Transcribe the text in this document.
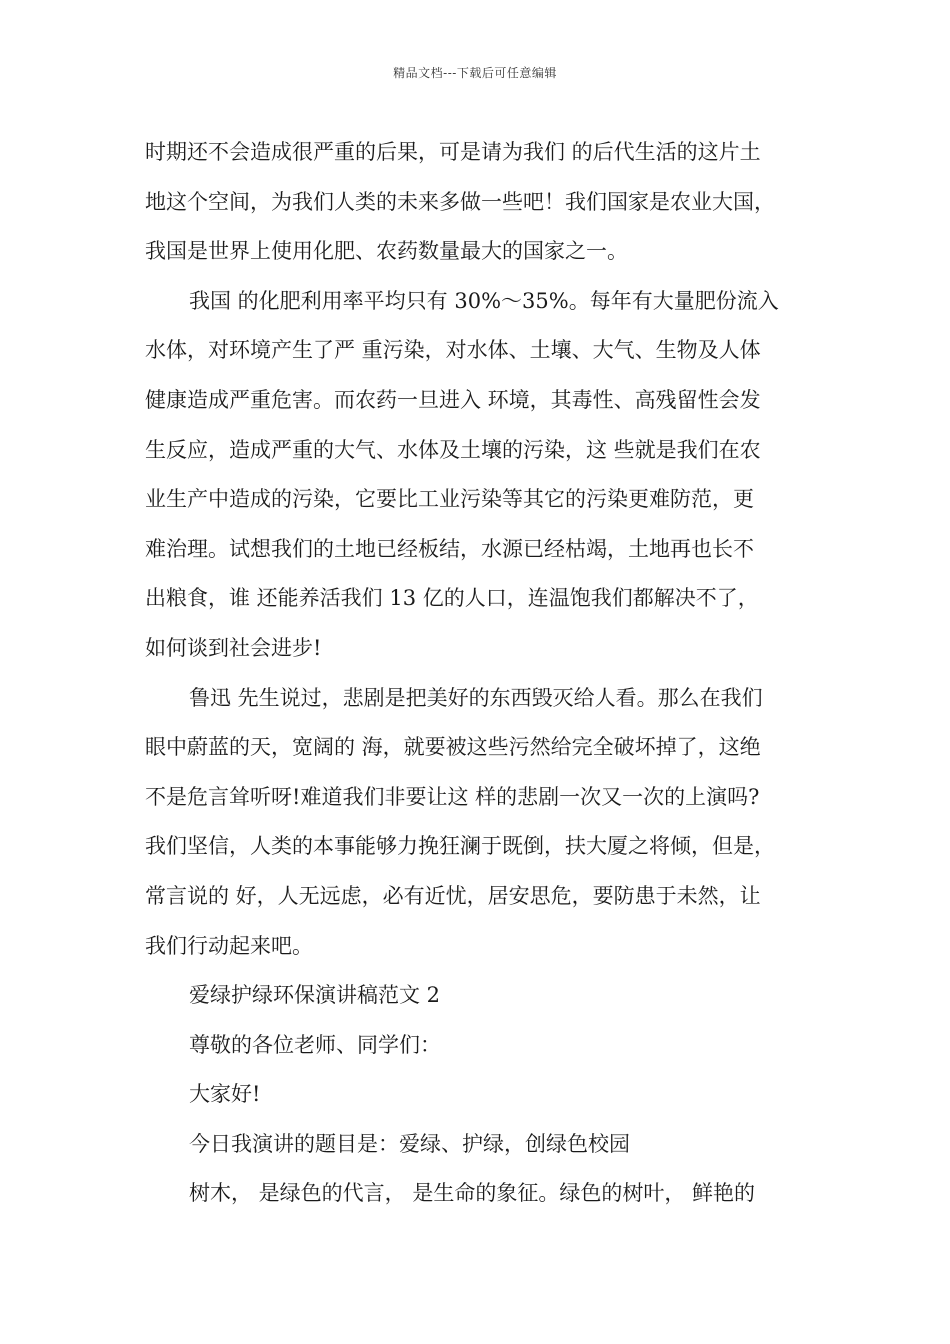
精品文档---下载后可任意编辑
时期还不会造成很严重的后果，可是请为我们 的后代生活的这片土
地这个空间，为我们人类的未来多做一些吧！我们国家是农业大国，
我国是世界上使用化肥、农药数量最大的国家之一。
我国 的化肥利用率平均只有 30%～35%。每年有大量肥份流入
水体，对环境产生了严 重污染，对水体、土壤、大气、生物及人体
健康造成严重危害。而农药一旦进入 环境，其毒性、高残留性会发
生反应，造成严重的大气、水体及土壤的污染，这 些就是我们在农
业生产中造成的污染，它要比工业污染等其它的污染更难防范，更
难治理。试想我们的土地已经板结，水源已经枯竭，土地再也长不
出粮食，谁 还能养活我们 13 亿的人口，连温饱我们都解决不了，
如何谈到社会进步!
鲁迅 先生说过，悲剧是把美好的东西毁灭给人看。那么在我们
眼中蔚蓝的天，宽阔的 海，就要被这些污然给完全破坏掉了，这绝
不是危言耸听呀!难道我们非要让这 样的悲剧一次又一次的上演吗?
我们坚信，人类的本事能够力挽狂澜于既倒，扶大厦之将倾，但是，
常言说的 好，人无远虑，必有近忧，居安思危，要防患于未然，让
我们行动起来吧。
爱绿护绿环保演讲稿范文 2
尊敬的各位老师、同学们：
大家好!
今日我演讲的题目是：爱绿、护绿，创绿色校园
树木， 是绿色的代言， 是生命的象征。绿色的树叶， 鲜艳的
